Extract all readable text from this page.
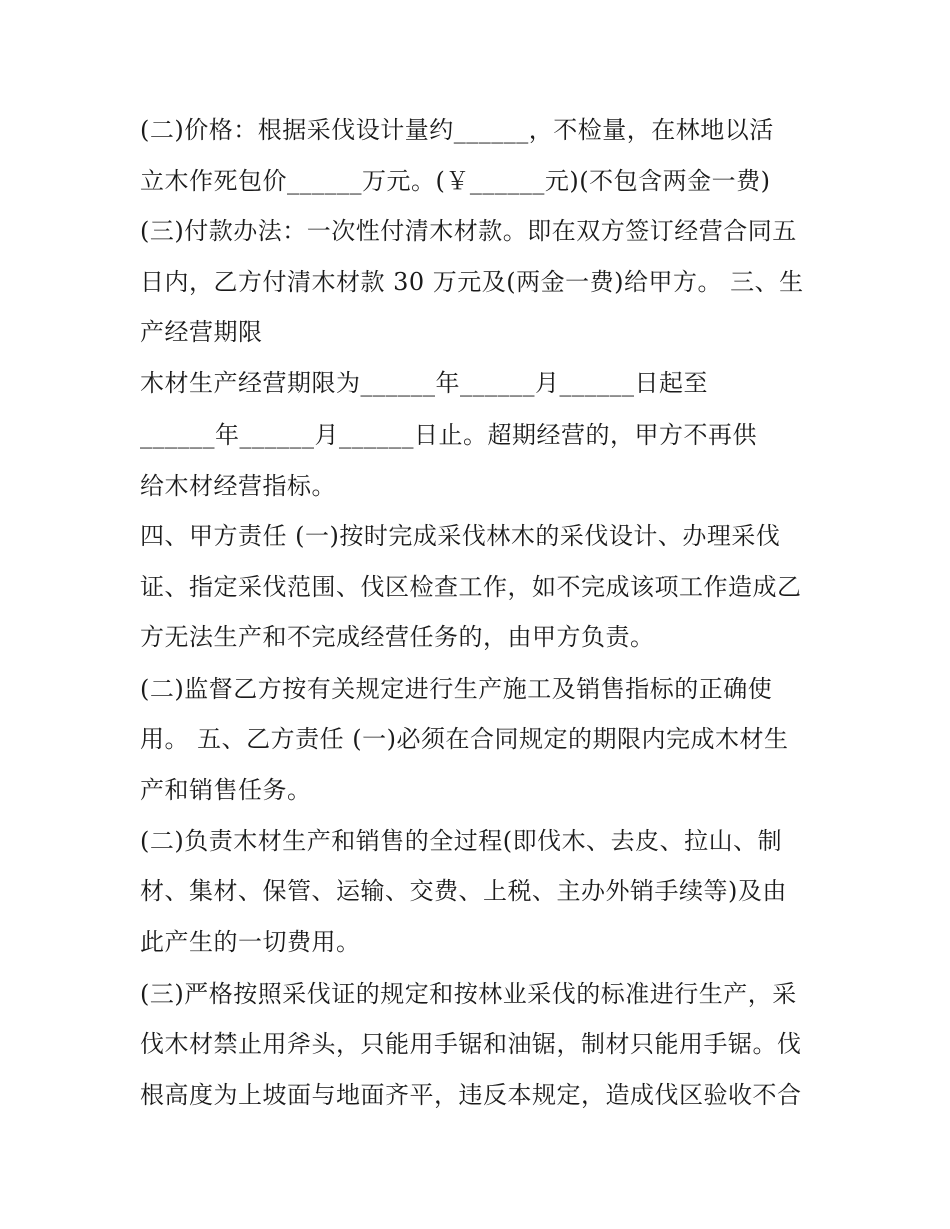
(二)价格：根据采伐设计量约______，不检量，在林地以活
立木作死包价______万元。(￥______元)(不包含两金一费)
(三)付款办法：一次性付清木材款。即在双方签订经营合同五
日内，乙方付清木材款 30 万元及(两金一费)给甲方。 三、生
产经营期限
木材生产经营期限为______年______月______日起至
______年______月______日止。超期经营的，甲方不再供
给木材经营指标。
四、甲方责任 (一)按时完成采伐林木的采伐设计、办理采伐
证、指定采伐范围、伐区检查工作，如不完成该项工作造成乙
方无法生产和不完成经营任务的，由甲方负责。
(二)监督乙方按有关规定进行生产施工及销售指标的正确使
用。 五、乙方责任 (一)必须在合同规定的期限内完成木材生
产和销售任务。
(二)负责木材生产和销售的全过程(即伐木、去皮、拉山、制
材、集材、保管、运输、交费、上税、主办外销手续等)及由
此产生的一切费用。
(三)严格按照采伐证的规定和按林业采伐的标准进行生产，采
伐木材禁止用斧头，只能用手锯和油锯，制材只能用手锯。伐
根高度为上坡面与地面齐平，违反本规定，造成伐区验收不合
